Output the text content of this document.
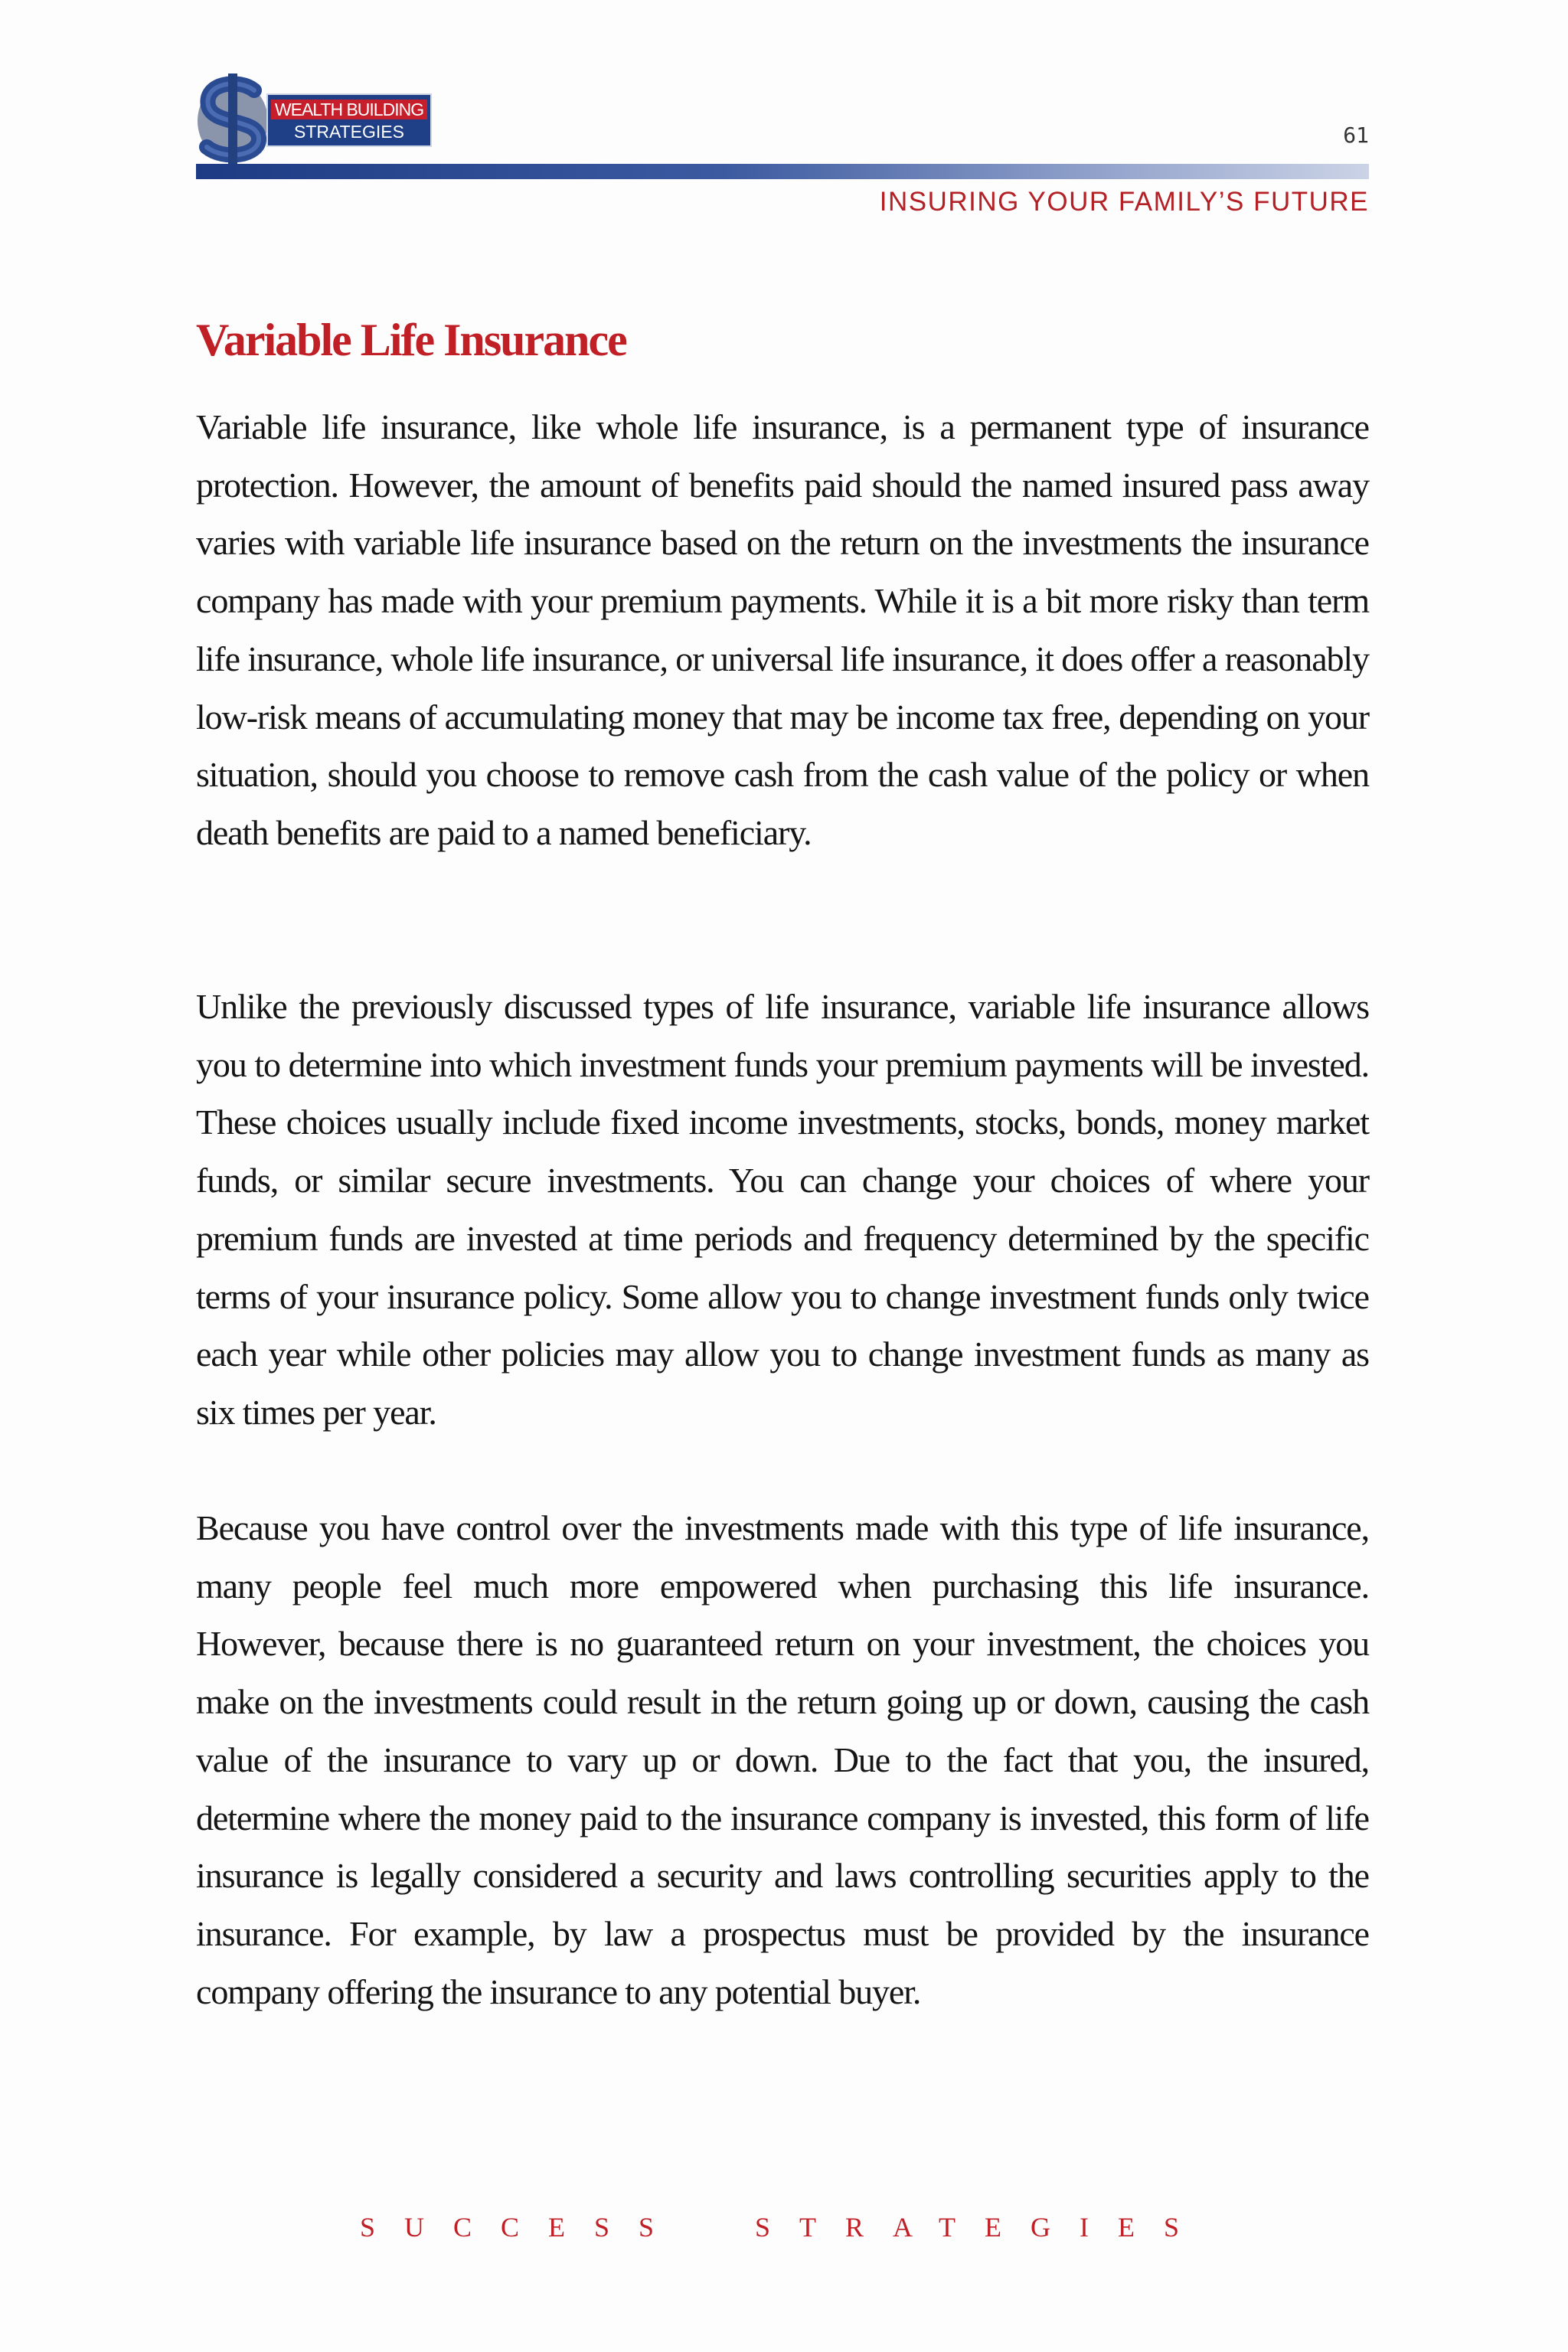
WEALTH BUILDING
STRATEGIES	61
INSURING YOUR FAMILY’S FUTURE
Variable Life Insurance

Variable life insurance, like whole life insurance, is a permanent type of insurance protection. However, the amount of benefits paid should the named insured pass away varies with variable life insurance based on the return on the investments the insurance company has made with your premium payments. While it is a bit more risky than term life insurance, whole life insurance, or universal life insurance, it does offer a reasonably low-risk means of accumulating money that may be income tax free, depending on your situation, should you choose to remove cash from the cash value of the policy or when death benefits are paid to a named beneficiary.

Unlike the previously discussed types of life insurance, variable life insurance allows you to determine into which investment funds your premium payments will be invested. These choices usually include fixed income investments, stocks, bonds, money market funds, or similar secure investments. You can change your choices of where your premium funds are invested at time periods and frequency determined by the specific terms of your insurance policy. Some allow you to change investment funds only twice each year while other policies may allow you to change investment funds as many as six times per year.

Because you have control over the investments made with this type of life insurance, many people feel much more empowered when purchasing this life insurance. However, because there is no guaranteed return on your investment, the choices you make on the investments could result in the return going up or down, causing the cash value of the insurance to vary up or down. Due to the fact that you, the insured, determine where the money paid to the insurance company is invested, this form of life insurance is legally considered a security and laws controlling securities apply to the insurance. For example, by law a prospectus must be provided by the insurance company offering the insurance to any potential buyer.

SUCCESS  STRATEGIES
